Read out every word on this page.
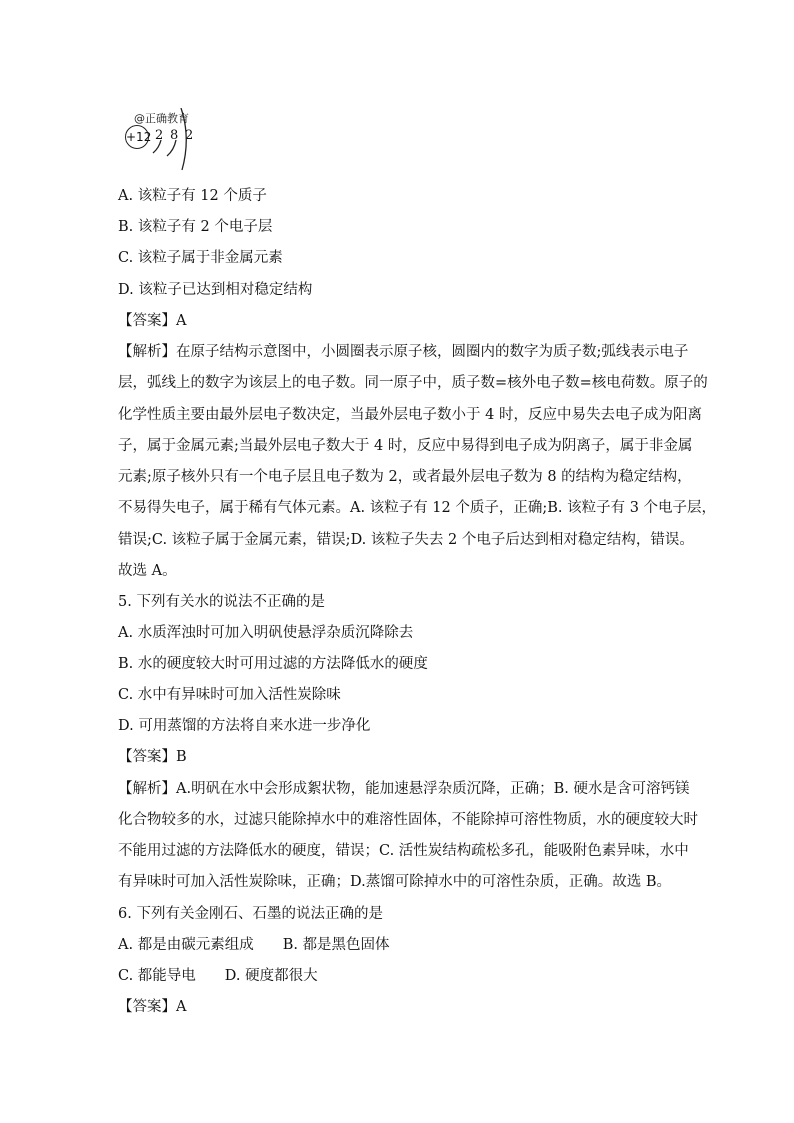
@正确教育
+12 2 8 2
A. 该粒子有 12 个质子
B. 该粒子有 2 个电子层
C. 该粒子属于非金属元素
D. 该粒子已达到相对稳定结构
【答案】A
【解析】在原子结构示意图中，小圆圈表示原子核，圆圈内的数字为质子数;弧线表示电子
层，弧线上的数字为该层上的电子数。同一原子中，质子数=核外电子数=核电荷数。原子的
化学性质主要由最外层电子数决定，当最外层电子数小于 4 时，反应中易失去电子成为阳离
子，属于金属元素;当最外层电子数大于 4 时，反应中易得到电子成为阴离子，属于非金属
元素;原子核外只有一个电子层且电子数为 2，或者最外层电子数为 8 的结构为稳定结构，
不易得失电子，属于稀有气体元素。A. 该粒子有 12 个质子，正确;B. 该粒子有 3 个电子层，
错误;C. 该粒子属于金属元素，错误;D. 该粒子失去 2 个电子后达到相对稳定结构，错误。
故选 A。
5. 下列有关水的说法不正确的是
A. 水质浑浊时可加入明矾使悬浮杂质沉降除去
B. 水的硬度较大时可用过滤的方法降低水的硬度
C. 水中有异味时可加入活性炭除味
D. 可用蒸馏的方法将自来水进一步净化
【答案】B
【解析】A.明矾在水中会形成絮状物，能加速悬浮杂质沉降，正确；B. 硬水是含可溶钙镁
化合物较多的水，过滤只能除掉水中的难溶性固体，不能除掉可溶性物质，水的硬度较大时
不能用过滤的方法降低水的硬度，错误；C. 活性炭结构疏松多孔，能吸附色素异味，水中
有异味时可加入活性炭除味，正确；D.蒸馏可除掉水中的可溶性杂质，正确。故选 B。
6. 下列有关金刚石、石墨的说法正确的是
A. 都是由碳元素组成　　B. 都是黑色固体
C. 都能导电　　D. 硬度都很大
【答案】A
